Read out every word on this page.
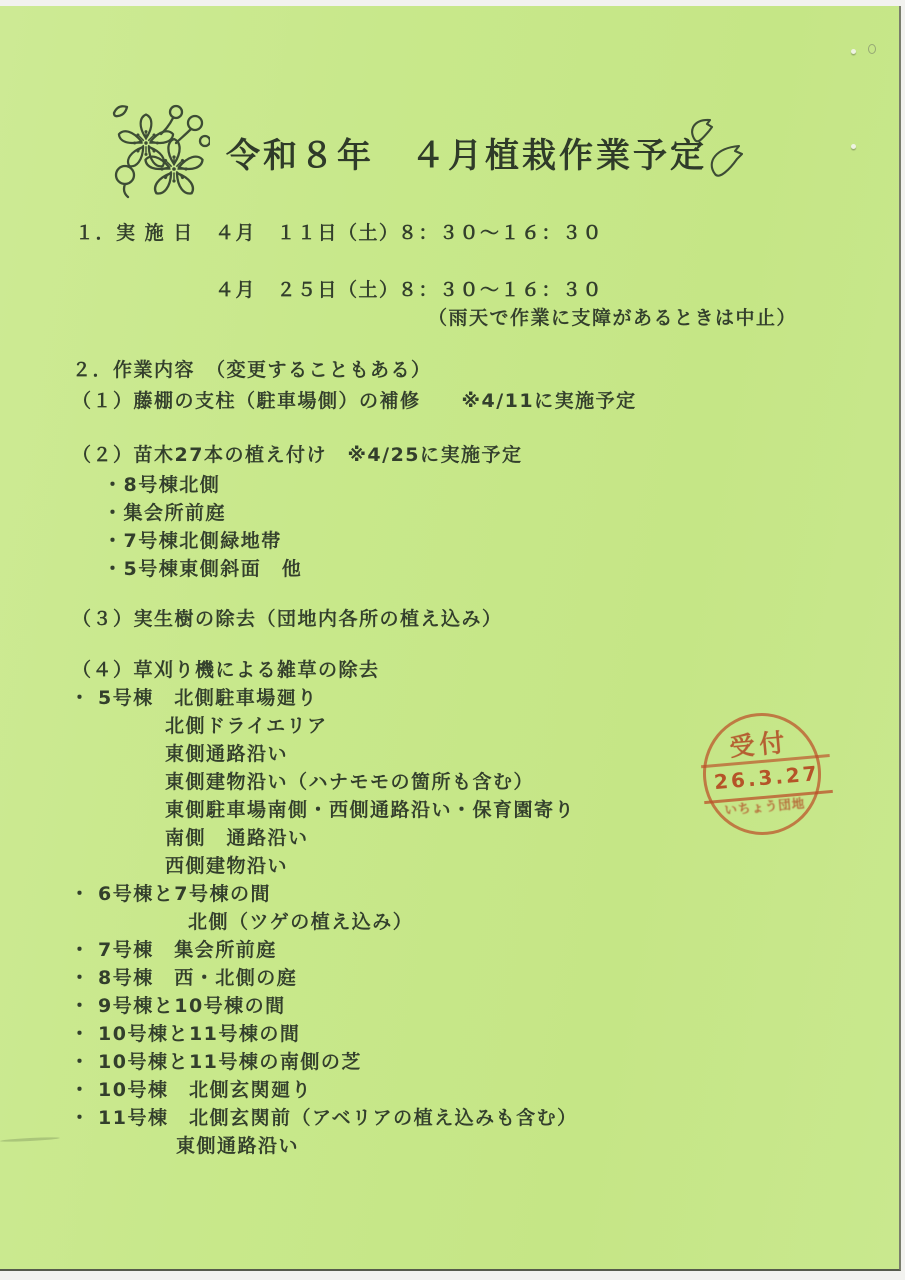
令和８年　４月植栽作業予定
１．実 施 日 ４月　１１日（土）
８：３０～１６：３０
４月　２５日（土）
８：３０～１６：３０
（雨天で作業に支障があるときは中止）
２．作業内容　（変更することもある）
（１）藤棚の支柱（駐車場側）の補修　　※4/11に実施予定
（２）苗木27本の植え付け　※4/25に実施予定
・8号棟北側
・集会所前庭
・7号棟北側緑地帯
・5号棟東側斜面　他
（３）実生樹の除去（団地内各所の植え込み）
（４）草刈り機による雑草の除去
・ 5号棟　北側駐車場廻り
北側ドライエリア
東側通路沿い
東側建物沿い（ハナモモの箇所も含む）
東側駐車場南側・西側通路沿い・保育園寄り
南側　通路沿い
西側建物沿い
・ 6号棟と7号棟の間
北側（ツゲの植え込み）
・ 7号棟　集会所前庭
・ 8号棟　西・北側の庭
・ 9号棟と10号棟の間
・ 10号棟と11号棟の間
・ 10号棟と11号棟の南側の芝
・ 10号棟　北側玄関廻り
・ 11号棟　北側玄関前（アベリアの植え込みも含む）
東側通路沿い
受付
26.3.27
いちょう団地
